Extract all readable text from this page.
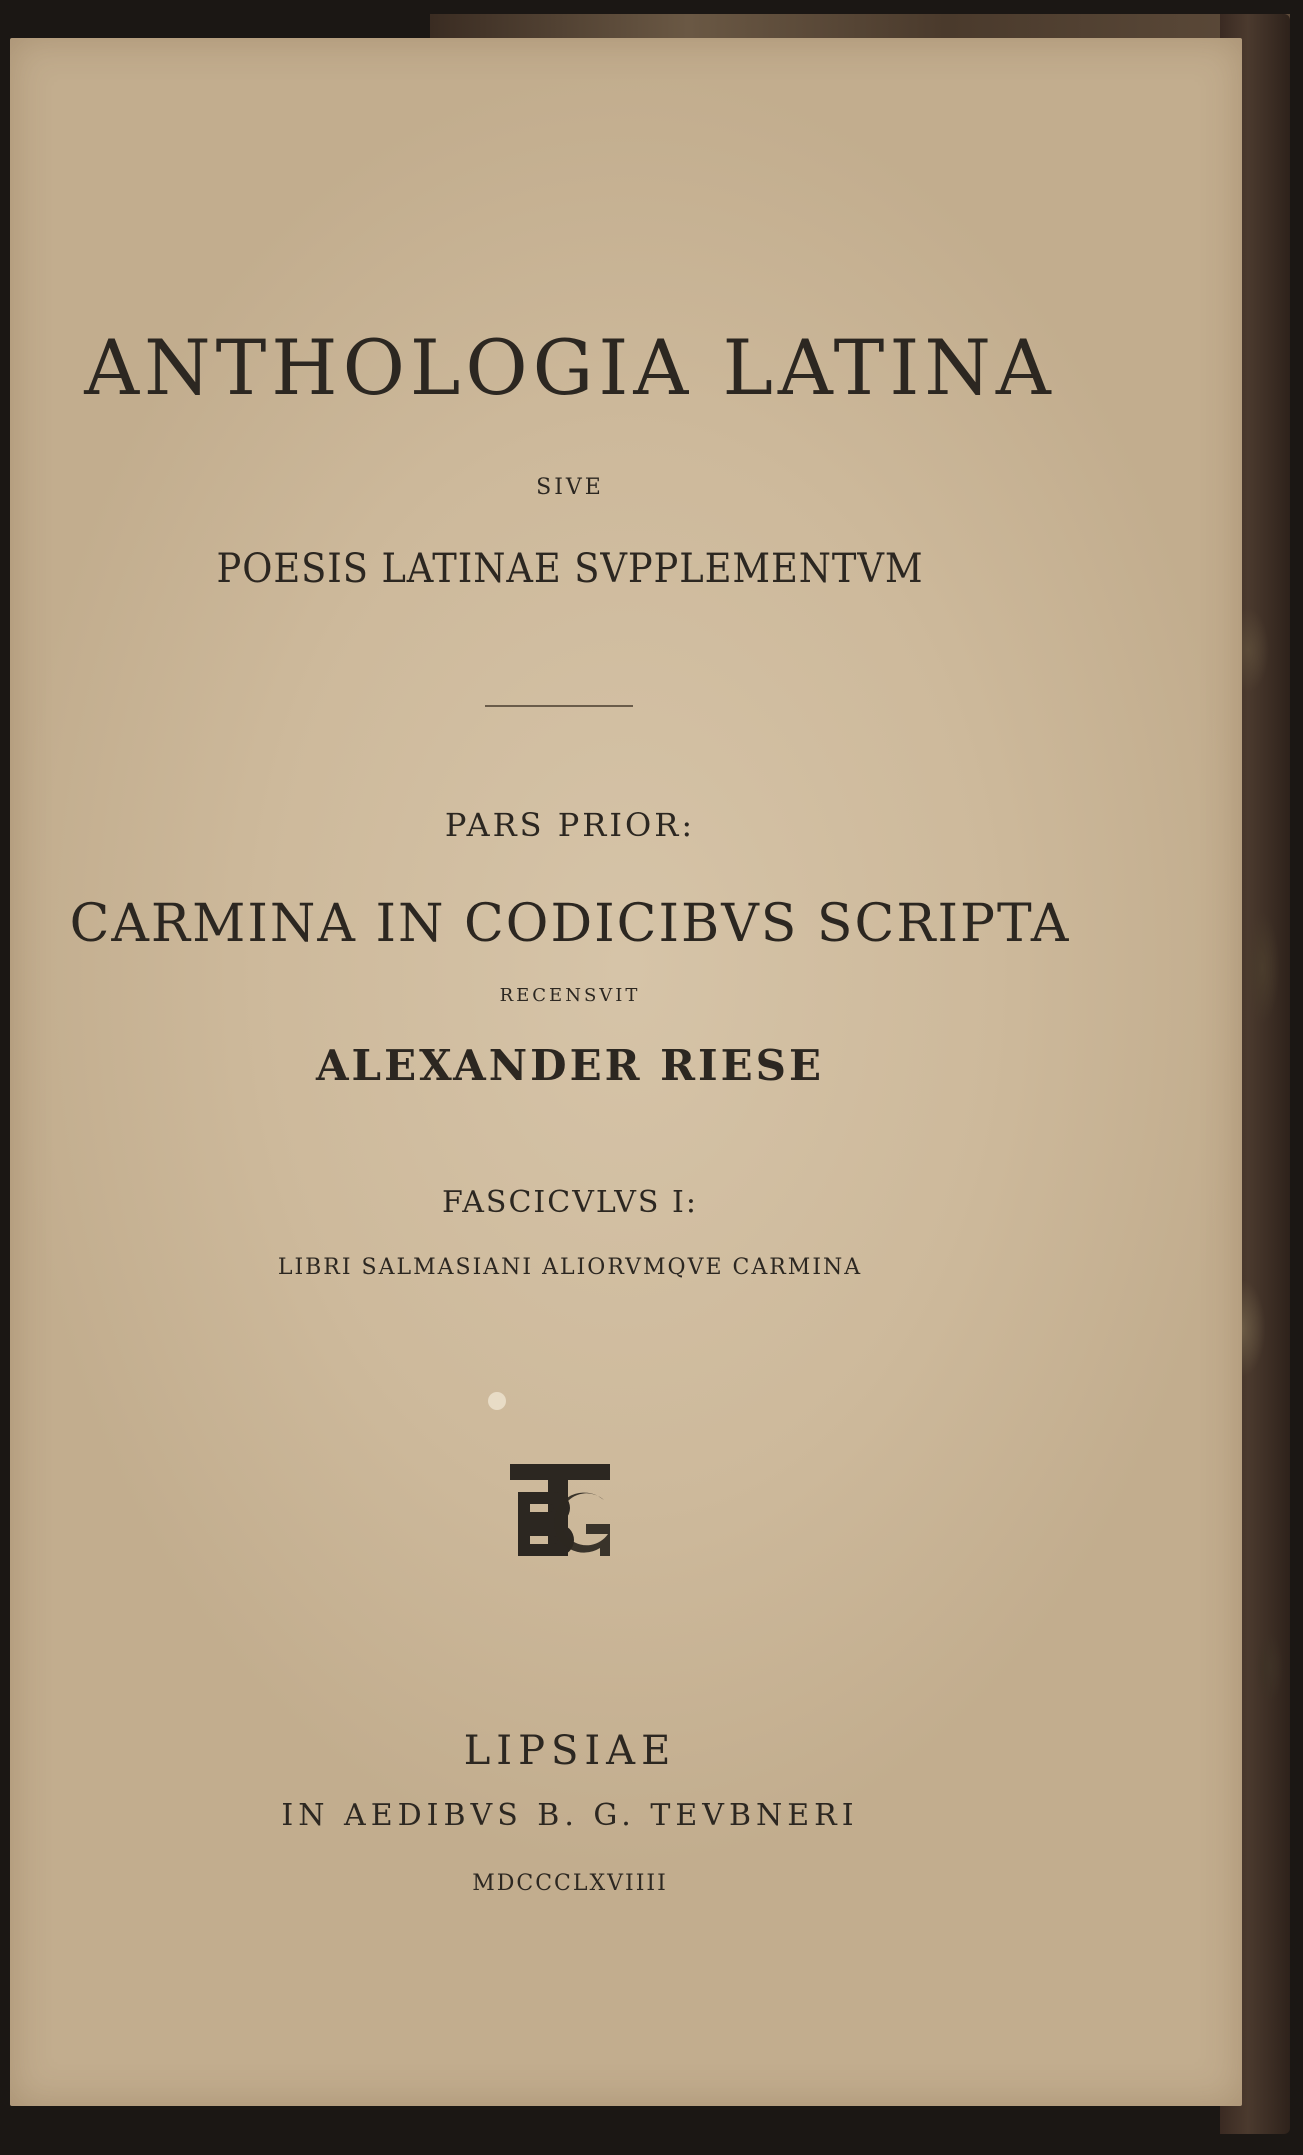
ANTHOLOGIA LATINA
SIVE
POESIS LATINAE SVPPLEMENTVM
PARS PRIOR:
CARMINA IN CODICIBVS SCRIPTA
RECENSVIT
ALEXANDER RIESE
FASCICVLVS I:
LIBRI SALMASIANI ALIORVMQVE CARMINA
LIPSIAE
IN AEDIBVS B. G. TEVBNERI
MDCCCLXVIIII
